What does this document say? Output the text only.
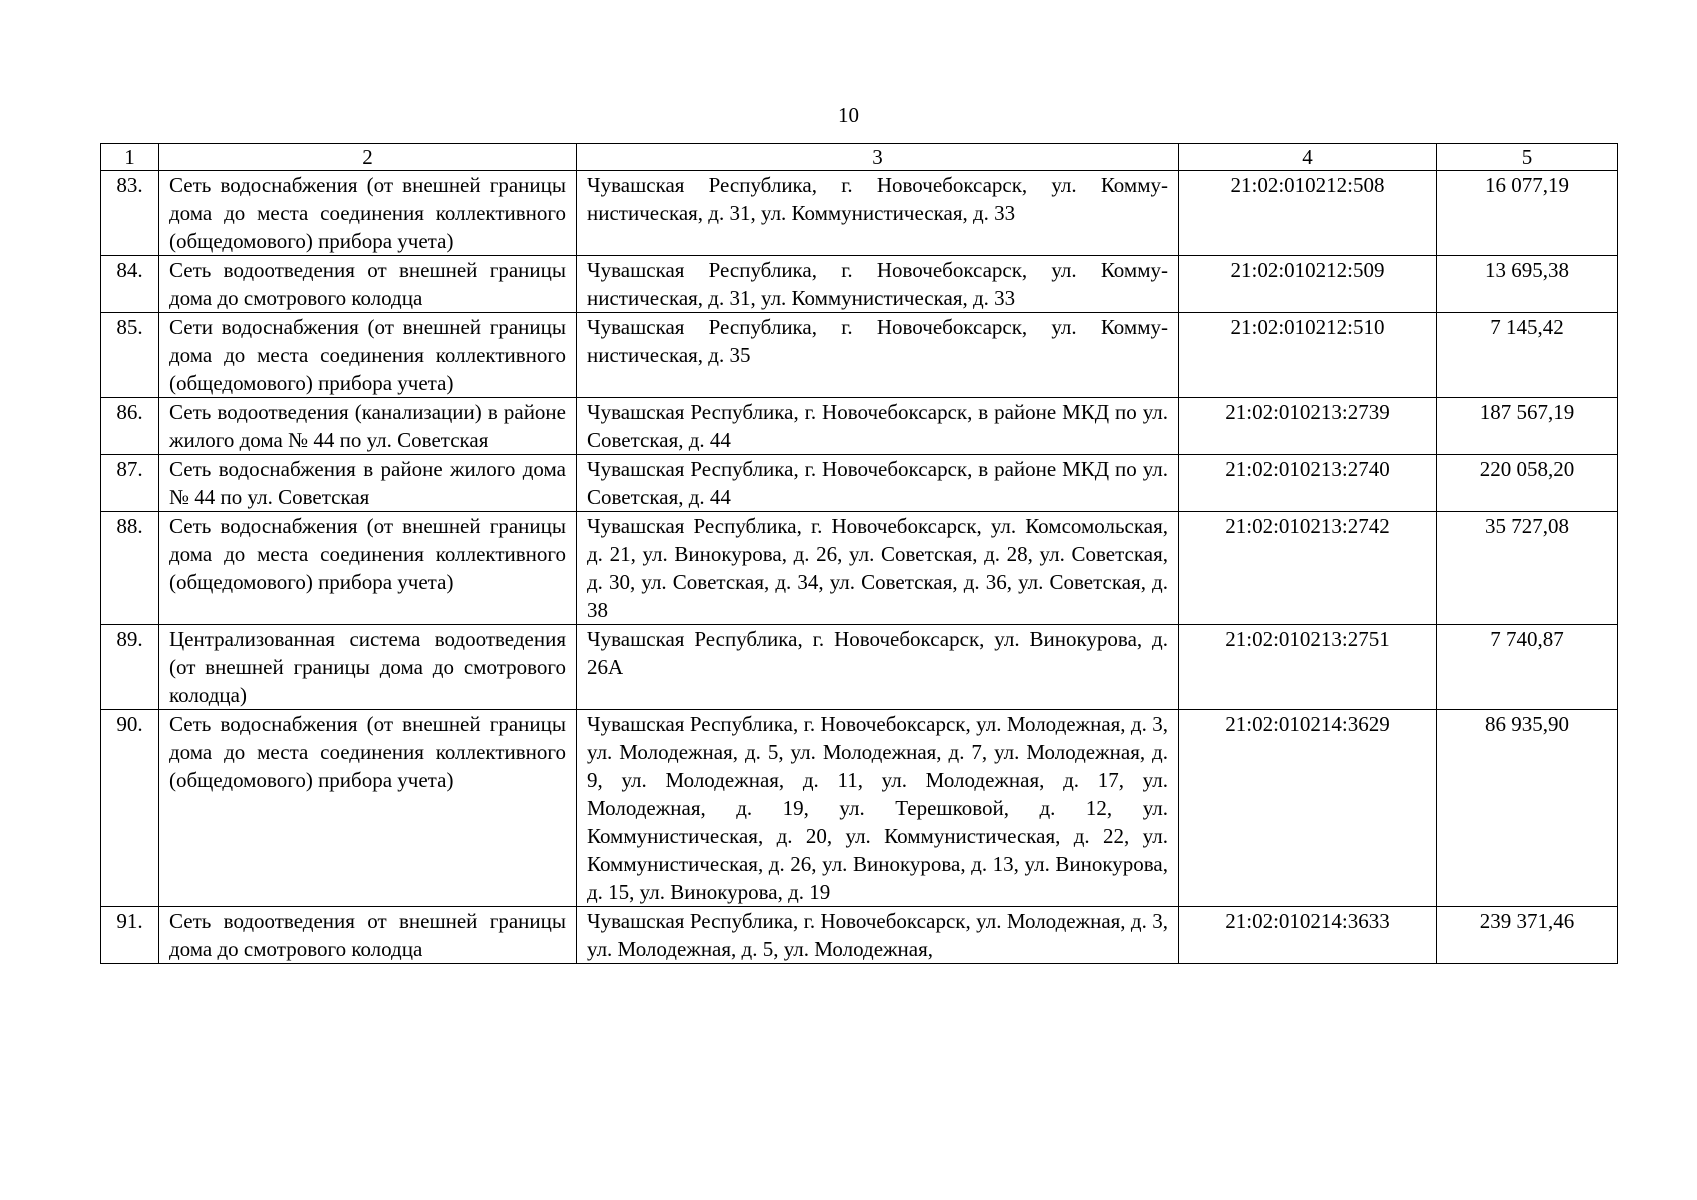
10
1	2	3	4	5
83.	Сеть водоснабжения (от внешней границы дома до места соединения коллективного (общедомового) прибора учета)	Чувашская Республика, г. Новочебоксарск, ул. Коммунистическая, д. 31, ул. Коммунистическая, д. 33	21:02:010212:508	16 077,19
84.	Сеть водоотведения от внешней границы дома до смотрового колодца	Чувашская Республика, г. Новочебоксарск, ул. Коммунистическая, д. 31, ул. Коммунистическая, д. 33	21:02:010212:509	13 695,38
85.	Сети водоснабжения (от внешней границы дома до места соединения коллективного (общедомового) прибора учета)	Чувашская Республика, г. Новочебоксарск, ул. Коммунистическая, д. 35	21:02:010212:510	7 145,42
86.	Сеть водоотведения (канализации) в районе жилого дома № 44 по ул. Советская	Чувашская Республика, г. Новочебоксарск, в районе МКД по ул. Советская, д. 44	21:02:010213:2739	187 567,19
87.	Сеть водоснабжения в районе жилого дома № 44 по ул. Советская	Чувашская Республика, г. Новочебоксарск, в районе МКД по ул. Советская, д. 44	21:02:010213:2740	220 058,20
88.	Сеть водоснабжения (от внешней границы дома до места соединения коллективного (общедомового) прибора учета)	Чувашская Республика, г. Новочебоксарск, ул. Комсомольская, д. 21, ул. Винокурова, д. 26, ул. Советская, д. 28, ул. Советская, д. 30, ул. Советская, д. 34, ул. Советская, д. 36, ул. Советская, д. 38	21:02:010213:2742	35 727,08
89.	Централизованная система водоотведения (от внешней границы дома до смотрового колодца)	Чувашская Республика, г. Новочебоксарск, ул. Винокурова, д. 26А	21:02:010213:2751	7 740,87
90.	Сеть водоснабжения (от внешней границы дома до места соединения коллективного (общедомового) прибора учета)	Чувашская Республика, г. Новочебоксарск, ул. Молодежная, д. 3, ул. Молодежная, д. 5, ул. Молодежная, д. 7, ул. Молодежная, д. 9, ул. Молодежная, д. 11, ул. Молодежная, д. 17, ул. Молодежная, д. 19, ул. Терешковой, д. 12, ул. Коммунистическая, д. 20, ул. Коммунистическая, д. 22, ул. Коммунистическая, д. 26, ул. Винокурова, д. 13, ул. Винокурова, д. 15, ул. Винокурова, д. 19	21:02:010214:3629	86 935,90
91.	Сеть водоотведения от внешней границы дома до смотрового колодца	Чувашская Республика, г. Новочебоксарск, ул. Молодежная, д. 3, ул. Молодежная, д. 5, ул. Молодежная,	21:02:010214:3633	239 371,46
